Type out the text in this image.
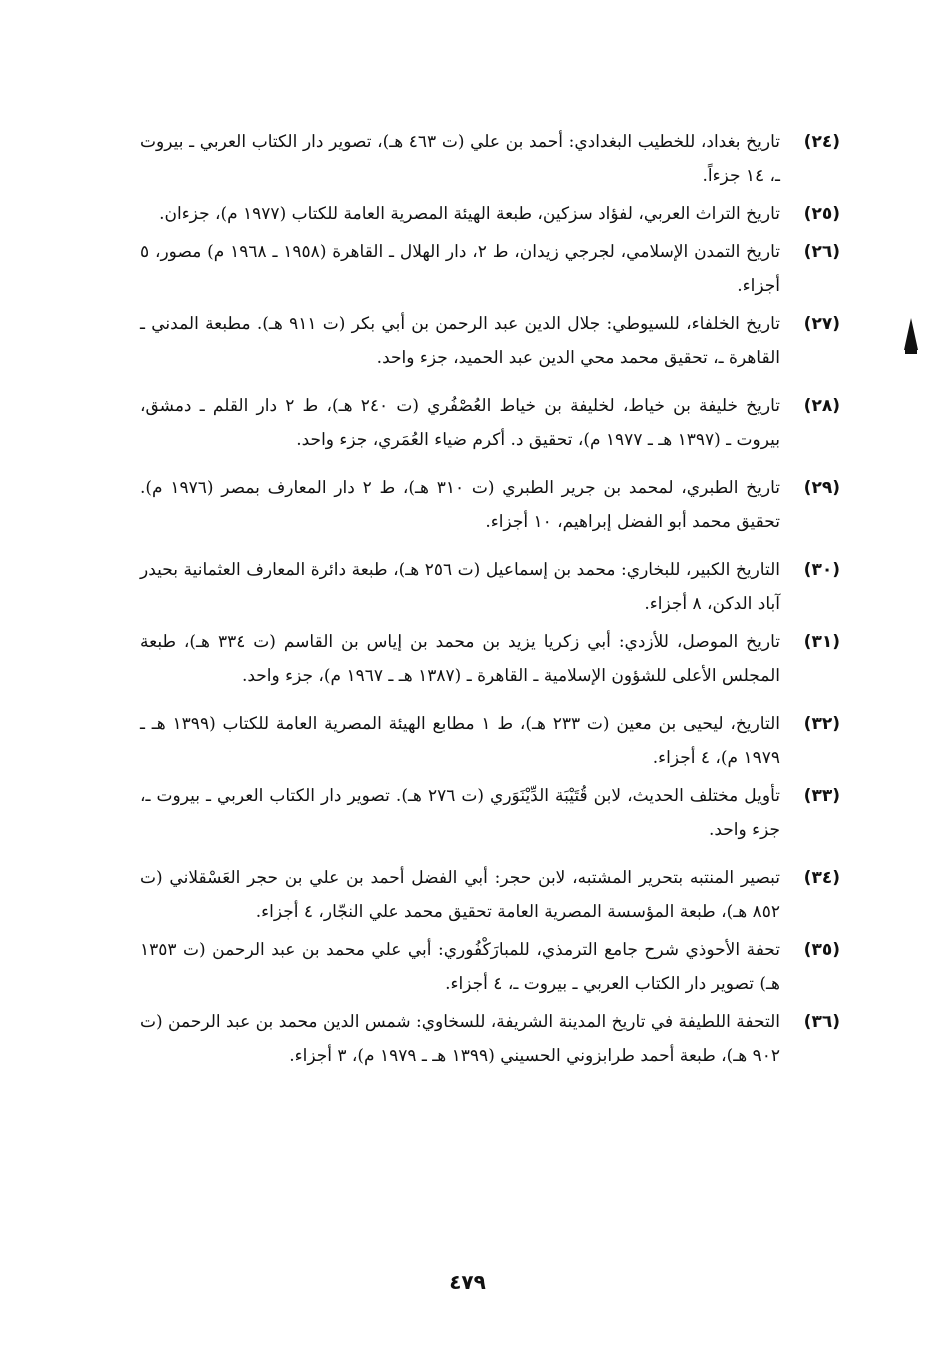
(٢٤)
تاريخ بغداد، للخطيب البغدادي: أحمد بن علي (ت ٤٦٣ هـ)، تصوير دار الكتاب العربي ـ بيروت ـ، ١٤ جزءاً.
(٢٥)
تاريخ التراث العربي، لفؤاد سزكين، طبعة الهيئة المصرية العامة للكتاب (١٩٧٧ م)، جزءان.
(٢٦)
تاريخ التمدن الإسلامي، لجرجي زيدان، ط ٢، دار الهلال ـ القاهرة (١٩٥٨ ـ ١٩٦٨ م) مصور، ٥ أجزاء.
(٢٧)
تاريخ الخلفاء، للسيوطي: جلال الدين عبد الرحمن بن أبي بكر (ت ٩١١ هـ). مطبعة المدني ـ القاهرة ـ، تحقيق محمد محي الدين عبد الحميد، جزء واحد.
(٢٨)
تاريخ خليفة بن خياط، لخليفة بن خياط العُصْفُري (ت ٢٤٠ هـ)، ط ٢ دار القلم ـ دمشق، بيروت ـ (١٣٩٧ هـ ـ ١٩٧٧ م)، تحقيق د. أكرم ضياء العُمَري، جزء واحد.
(٢٩)
تاريخ الطبري، لمحمد بن جرير الطبري (ت ٣١٠ هـ)، ط ٢ دار المعارف بمصر (١٩٧٦ م). تحقيق محمد أبو الفضل إبراهيم، ١٠ أجزاء.
(٣٠)
التاريخ الكبير، للبخاري: محمد بن إسماعيل (ت ٢٥٦ هـ)، طبعة دائرة المعارف العثمانية بحيدر آباد الدكن، ٨ أجزاء.
(٣١)
تاريخ الموصل، للأزدي: أبي زكريا يزيد بن محمد بن إياس بن القاسم (ت ٣٣٤ هـ)، طبعة المجلس الأعلى للشؤون الإسلامية ـ القاهرة ـ (١٣٨٧ هـ ـ ١٩٦٧ م)، جزء واحد.
(٣٢)
التاريخ، ليحيى بن معين (ت ٢٣٣ هـ)، ط ١ مطابع الهيئة المصرية العامة للكتاب (١٣٩٩ هـ ـ ١٩٧٩ م)، ٤ أجزاء.
(٣٣)
تأويل مختلف الحديث، لابن قُتَيْبَة الدِّيْنَوَري (ت ٢٧٦ هـ). تصوير دار الكتاب العربي ـ بيروت ـ، جزء واحد.
(٣٤)
تبصير المنتبه بتحرير المشتبه، لابن حجر: أبي الفضل أحمد بن علي بن حجر العَسْقلاني (ت ٨٥٢ هـ)، طبعة المؤسسة المصرية العامة تحقيق محمد علي النجّار، ٤ أجزاء.
(٣٥)
تحفة الأحوذي شرح جامع الترمذي، للمبارَكْفُوري: أبي علي محمد بن عبد الرحمن (ت ١٣٥٣ هـ) تصوير دار الكتاب العربي ـ بيروت ـ، ٤ أجزاء.
(٣٦)
التحفة اللطيفة في تاريخ المدينة الشريفة، للسخاوي: شمس الدين محمد بن عبد الرحمن (ت ٩٠٢ هـ)، طبعة أحمد طرابزوني الحسيني (١٣٩٩ هـ ـ ١٩٧٩ م)، ٣ أجزاء.
٤٧٩
